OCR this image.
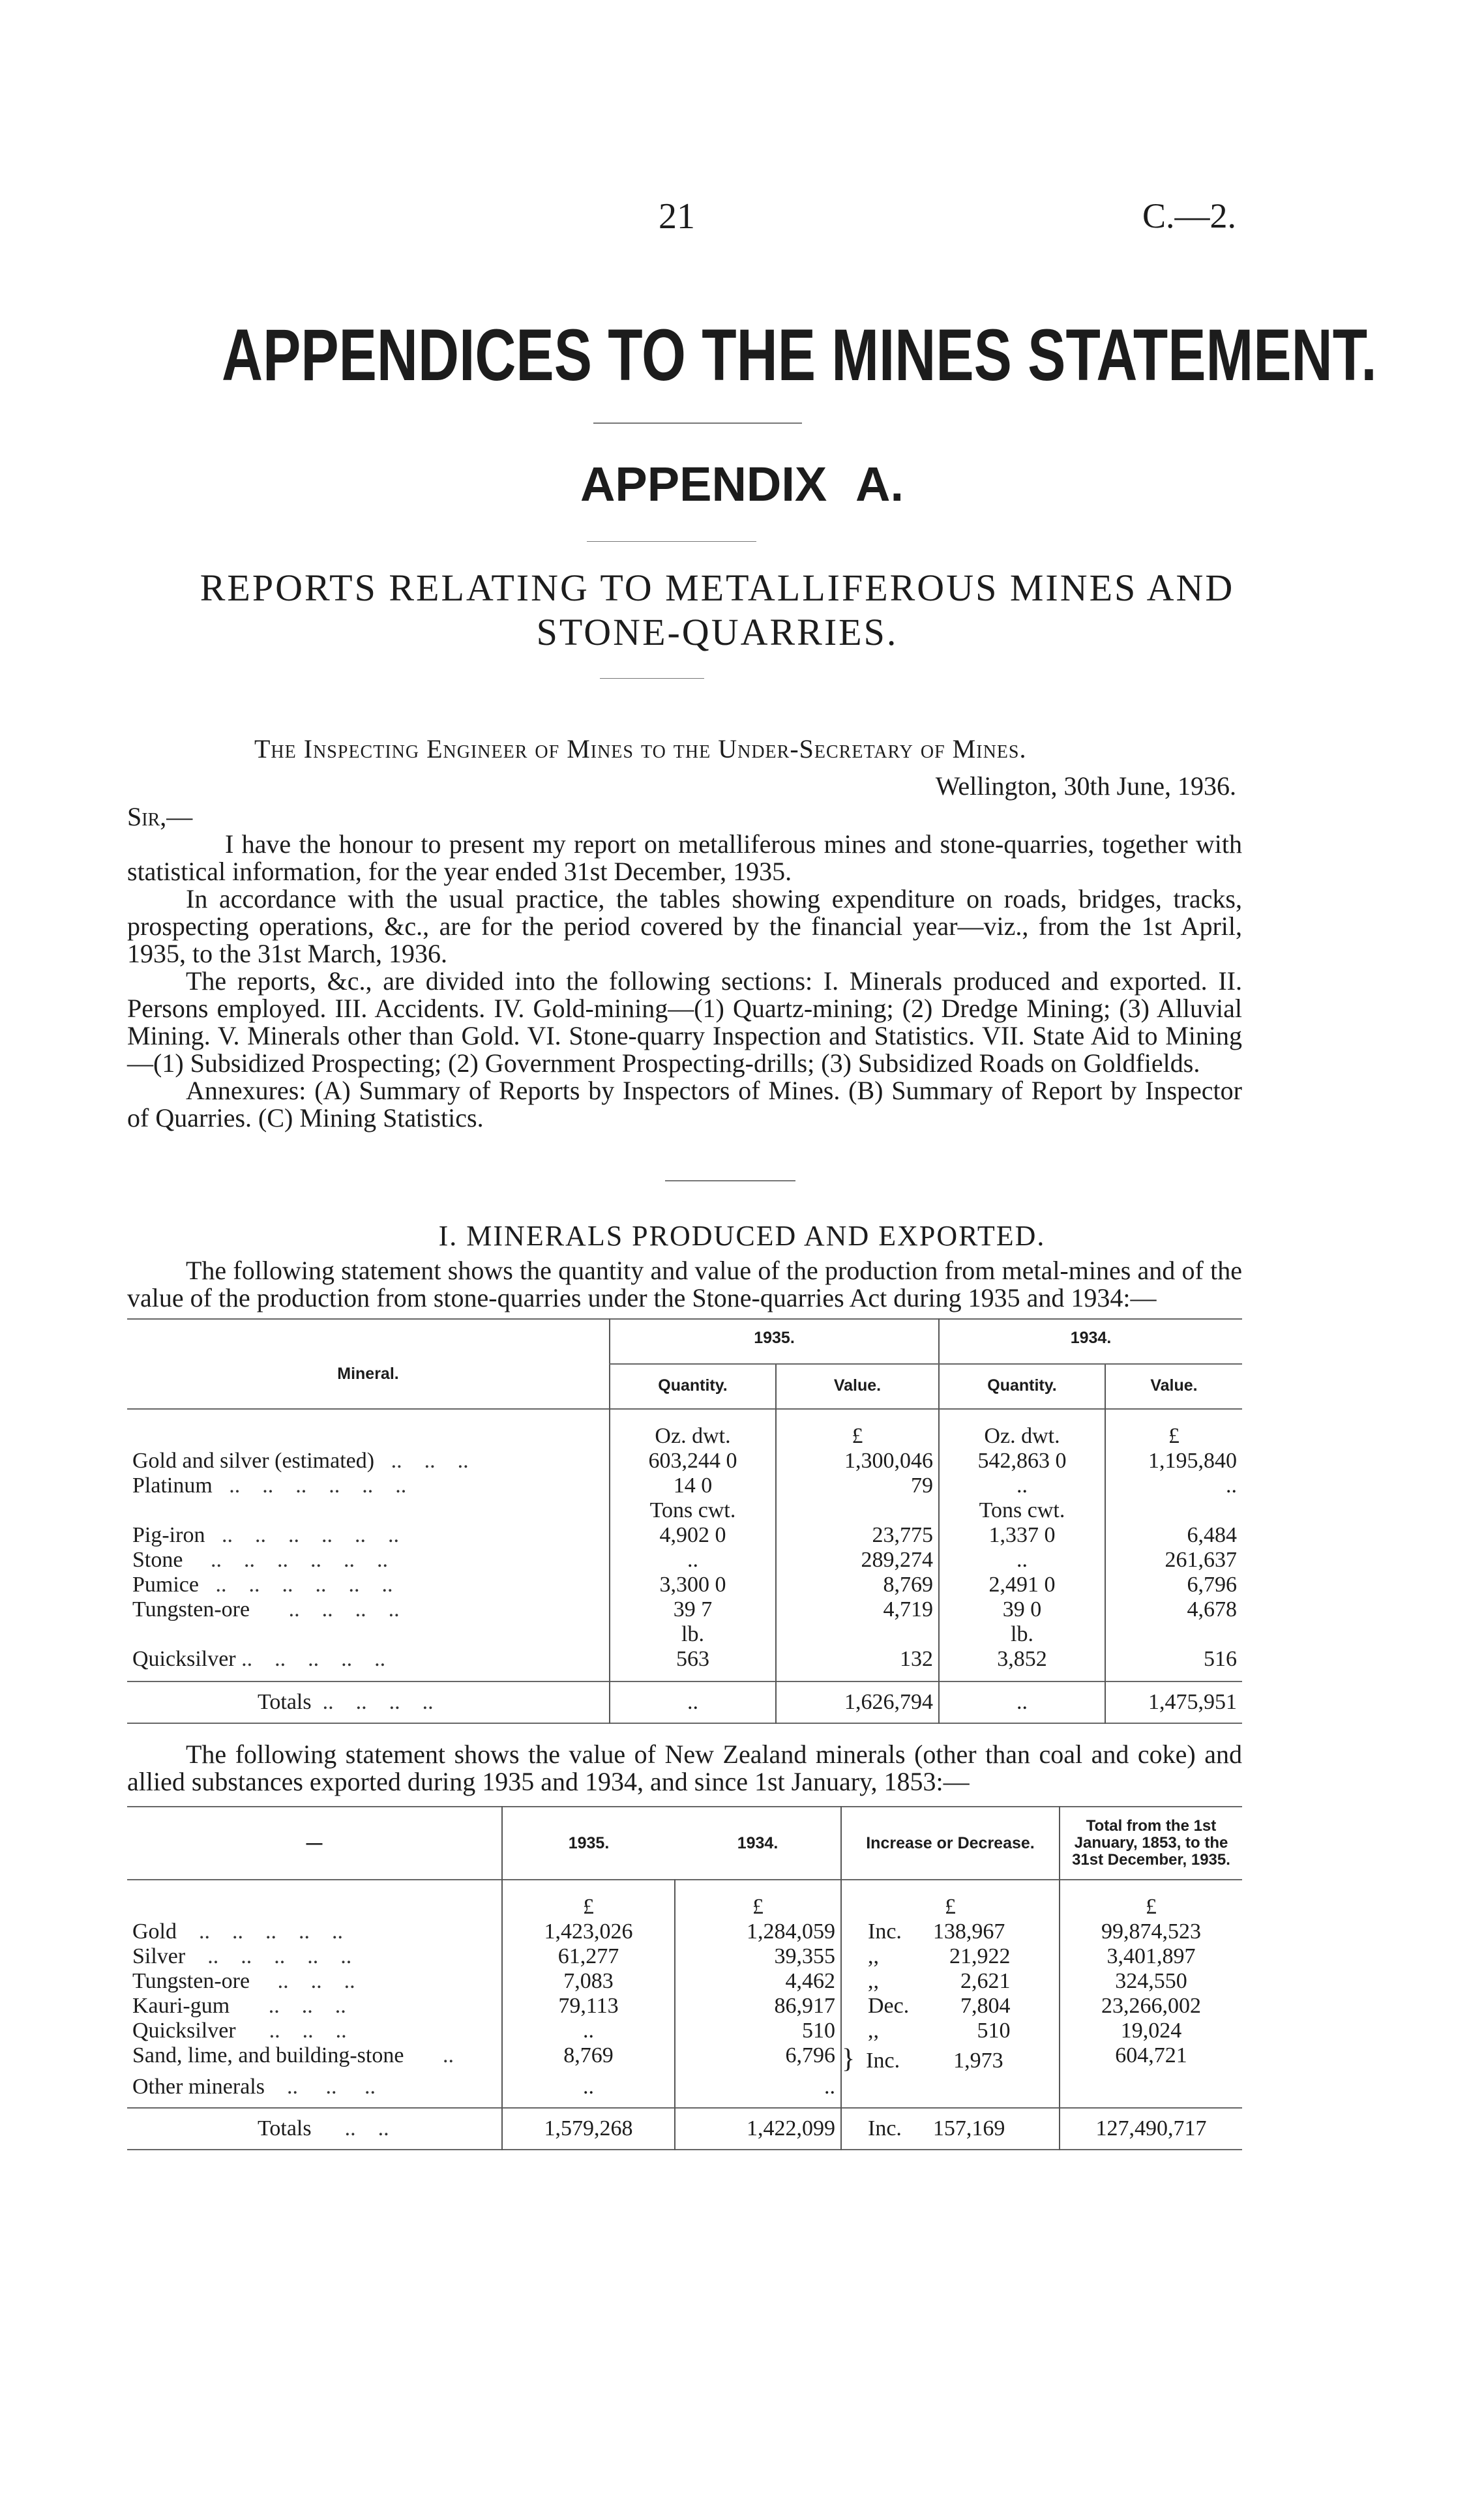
21	C.—2.
APPENDICES TO THE MINES STATEMENT.
APPENDIX A.
REPORTS RELATING TO METALLIFEROUS MINES AND
STONE-QUARRIES.
The Inspecting Engineer of Mines to the Under-Secretary of Mines.
Wellington, 30th June, 1936.

Sir,—

I have the honour to present my report on metalliferous mines and stone-quarries, together with statistical information, for the year ended 31st December, 1935.

In accordance with the usual practice, the tables showing expenditure on roads, bridges, tracks, prospecting operations, &c., are for the period covered by the financial year—viz., from the 1st April, 1935, to the 31st March, 1936.

The reports, &c., are divided into the following sections: I. Minerals produced and exported. II. Persons employed. III. Accidents. IV. Gold-mining—(1) Quartz-mining; (2) Dredge Mining; (3) Alluvial Mining. V. Minerals other than Gold. VI. Stone-quarry Inspection and Statistics. VII. State Aid to Mining—(1) Subsidized Prospecting; (2) Government Prospecting-drills; (3) Subsidized Roads on Goldfields.

Annexures: (A) Summary of Reports by Inspectors of Mines. (B) Summary of Report by Inspector of Quarries. (C) Mining Statistics.

I. MINERALS PRODUCED AND EXPORTED.

The following statement shows the quantity and value of the production from metal-mines and of the value of the production from stone-quarries under the Stone-quarries Act during 1935 and 1934:—

Mineral.	1935.		1934.	
	Quantity.	Value.	Quantity.	Value.
	Oz. dwt.	£	Oz. dwt.	£
Gold and silver (estimated)   ..    ..    ..	603,244 0	1,300,046	542,863 0	1,195,840
Platinum   ..    ..    ..    ..    ..    ..	14 0	79	..	..
	Tons cwt.		Tons cwt.	
Pig-iron   ..    ..    ..    ..    ..    ..	4,902 0	23,775	1,337 0	6,484
Stone     ..    ..    ..    ..    ..    ..	..	289,274	..	261,637
Pumice   ..    ..    ..    ..    ..    ..	3,300 0	8,769	2,491 0	6,796
Tungsten-ore       ..    ..    ..    ..	39 7	4,719	39 0	4,678
	lb.		lb.	
Quicksilver ..    ..    ..    ..    ..	563	132	3,852	516
Totals  ..    ..    ..    ..	..	1,626,794	..	1,475,951

The following statement shows the value of New Zealand minerals (other than coal and coke) and allied substances exported during 1935 and 1934, and since 1st January, 1853:—

—	1935.	1934.	Increase or Decrease.	Total from the 1st January, 1853, to the 31st December, 1935.
	£	£	£	£
Gold    ..    ..    ..    ..    ..	1,423,026	1,284,059	Inc. 138,967	99,874,523
Silver    ..    ..    ..    ..    ..	61,277	39,355	,, 21,922	3,401,897
Tungsten-ore     ..    ..    ..	7,083	4,462	,, 2,621	324,550
Kauri-gum       ..    ..    ..	79,113	86,917	Dec. 7,804	23,266,002
Quicksilver      ..    ..    ..	..	510	,, 510	19,024
Sand, lime, and building-stone       ..	8,769	6,796	} Inc. 1,973	604,721
Other minerals    ..     ..     ..	..	..		
Totals      ..    ..	1,579,268	1,422,099	Inc. 157,169	127,490,717
